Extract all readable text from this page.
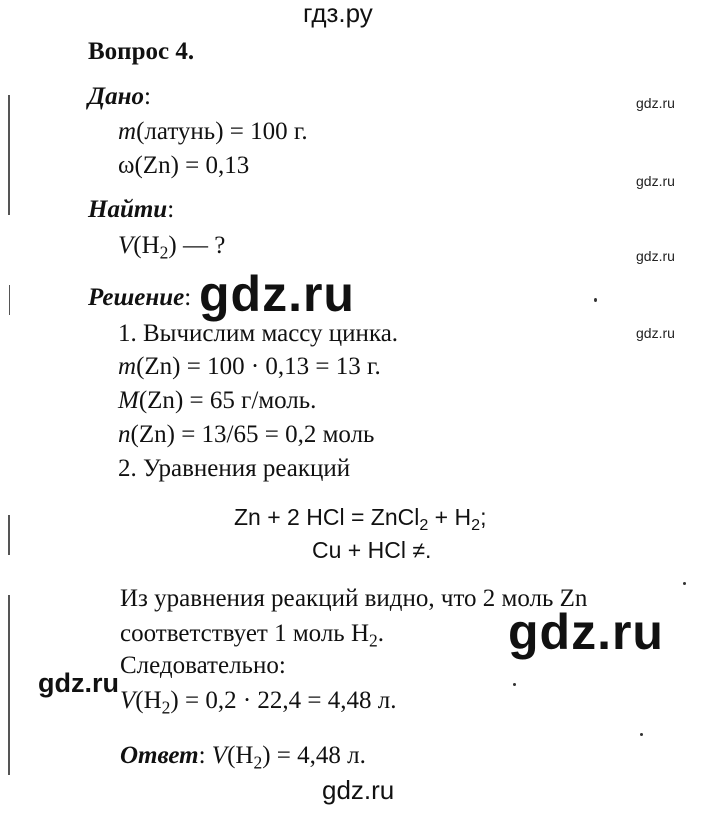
гдз.ру
Вопрос 4.
Дано:
m(латунь) = 100 г.
ω(Zn) = 0,13
Найти:
$V(H_2)$ — ?
Решение:
1. Вычислим массу цинка.
m(Zn) = 100 · 0,13 = 13 г.
M(Zn) = 65 г/моль.
n(Zn) = 13/65 = 0,2 моль
2. Уравнения реакций
Zn + 2 HCl = ZnCl$_2$ + $H_2$;
Cu + HCl ≠.
Из уравнения реакций видно, что 2 моль Zn
соответствует 1 моль $H_2$.
Следовательно:
$V(H_2) = 0,2 \cdot 22,4 = 4,48$ л.
Ответ: $V(H_2) = 4,48$ л.
gdz.ru
gdz.ru
gdz.ru
gdz.ru
gdz.ru
gdz.ru
gdz.ru
gdz.ru
